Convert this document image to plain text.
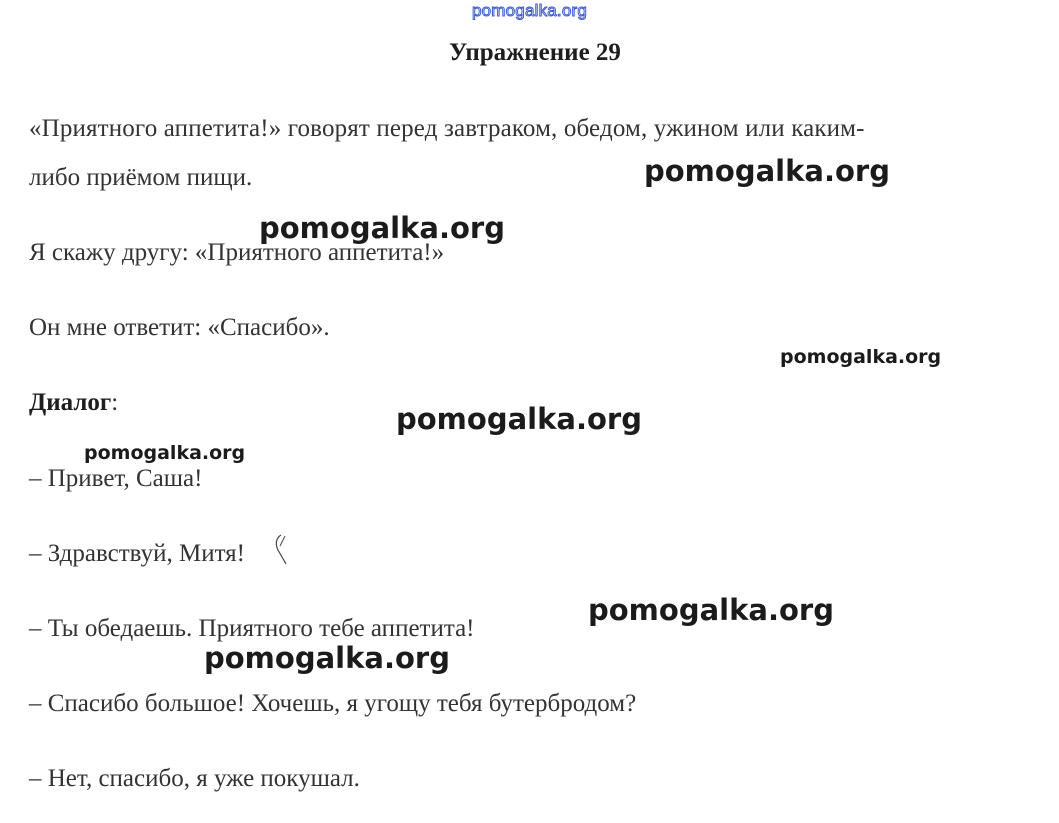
pomogalka.org
Упражнение 29
«Приятного аппетита!» говорят перед завтраком, обедом, ужином или каким-
либо приёмом пищи.
Я скажу другу: «Приятного аппетита!»
Он мне ответит: «Спасибо».
Диалог:
– Привет, Саша!
– Здравствуй, Митя!
– Ты обедаешь. Приятного тебе аппетита!
– Спасибо большое! Хочешь, я угощу тебя бутербродом?
– Нет, спасибо, я уже покушал.
pomogalka.org
pomogalka.org
pomogalka.org
pomogalka.org
pomogalka.org
pomogalka.org
pomogalka.org
